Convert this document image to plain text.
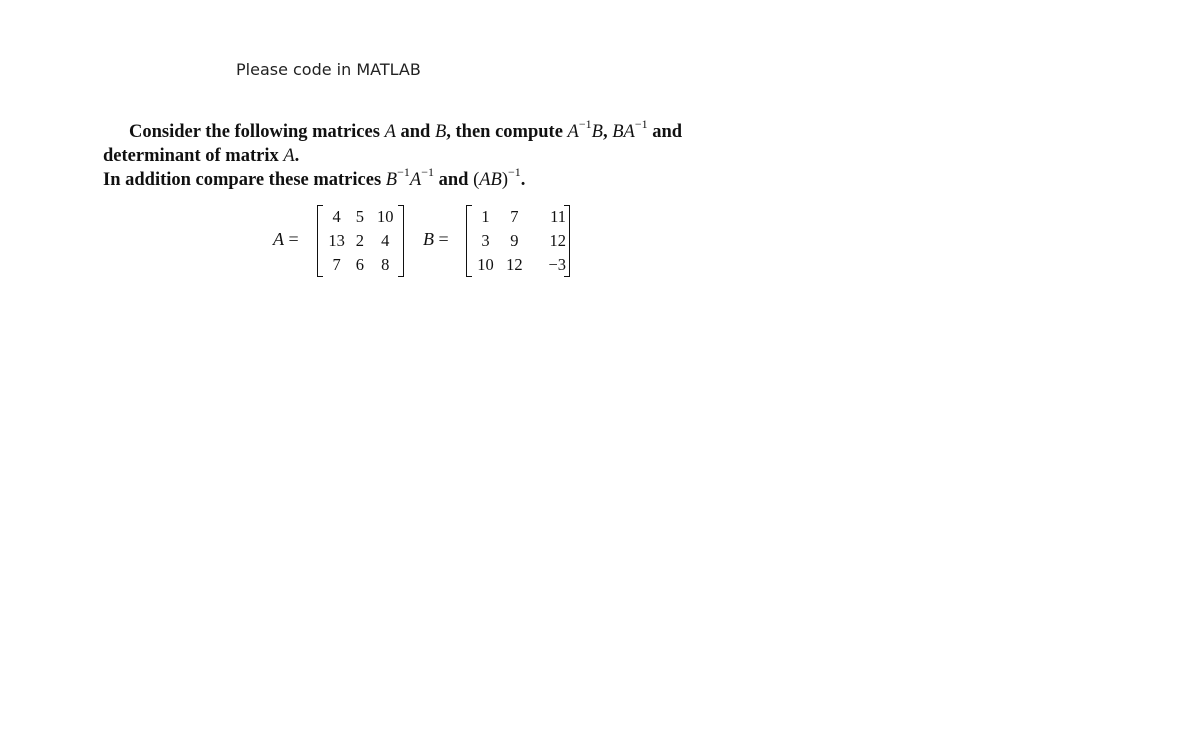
Please code in MATLAB
Consider the following matrices A and B, then compute $A^{-1}B$, $BA^{-1}$ and
determinant of matrix A.
In addition compare these matrices $B^{-1}A^{-1}$ and (AB)$^{-1}$.
A =
4	5	10
13	2	4
7	6	8
B =
1	7	11
3	9	12
10	12	−3
